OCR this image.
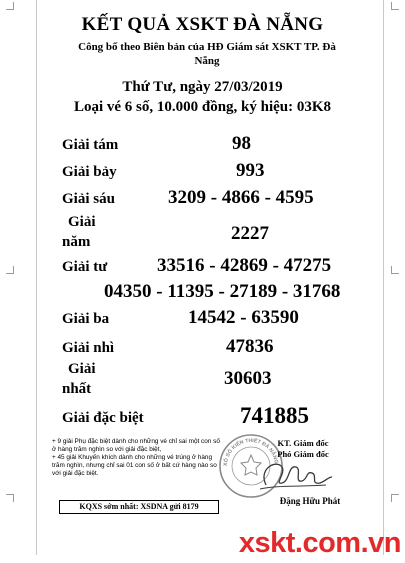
KẾT QUẢ XSKT ĐÀ NẴNG
Công bố theo Biên bản của HĐ Giám sát XSKT TP. Đà Nẵng
Thứ Tư, ngày 27/03/2019
Loại vé 6 số, 10.000 đồng, ký hiệu: 03K8
Giải tám	98
Giải bảy	993
Giải sáu	3209 - 4866 - 4595
Giải
năm	2227
Giải tư	33516 - 42869 - 47275
04350 - 11395 - 27189 - 31768
Giải ba	14542 - 63590
Giải nhì	47836
Giải
nhất	30603
Giải đặc biệt	741885

+ 9 giải Phụ đặc biệt dành cho những vé chỉ sai một con số ở hàng trăm nghìn so với giải đặc biệt,

+ 45 giải Khuyến khích dành cho những vé trúng ở hàng trăm nghìn, nhưng chỉ sai 01 con số ở bất cứ hàng nào so với giải đặc biệt.

KQXS sớm nhất: XSDNA gửi 8179
XỔ SỐ KIẾN THIẾT ĐÀ NẴNG
KT. Giám đốc
Phó Giám đốc
Đặng Hữu Phát
xskt.com.vn
